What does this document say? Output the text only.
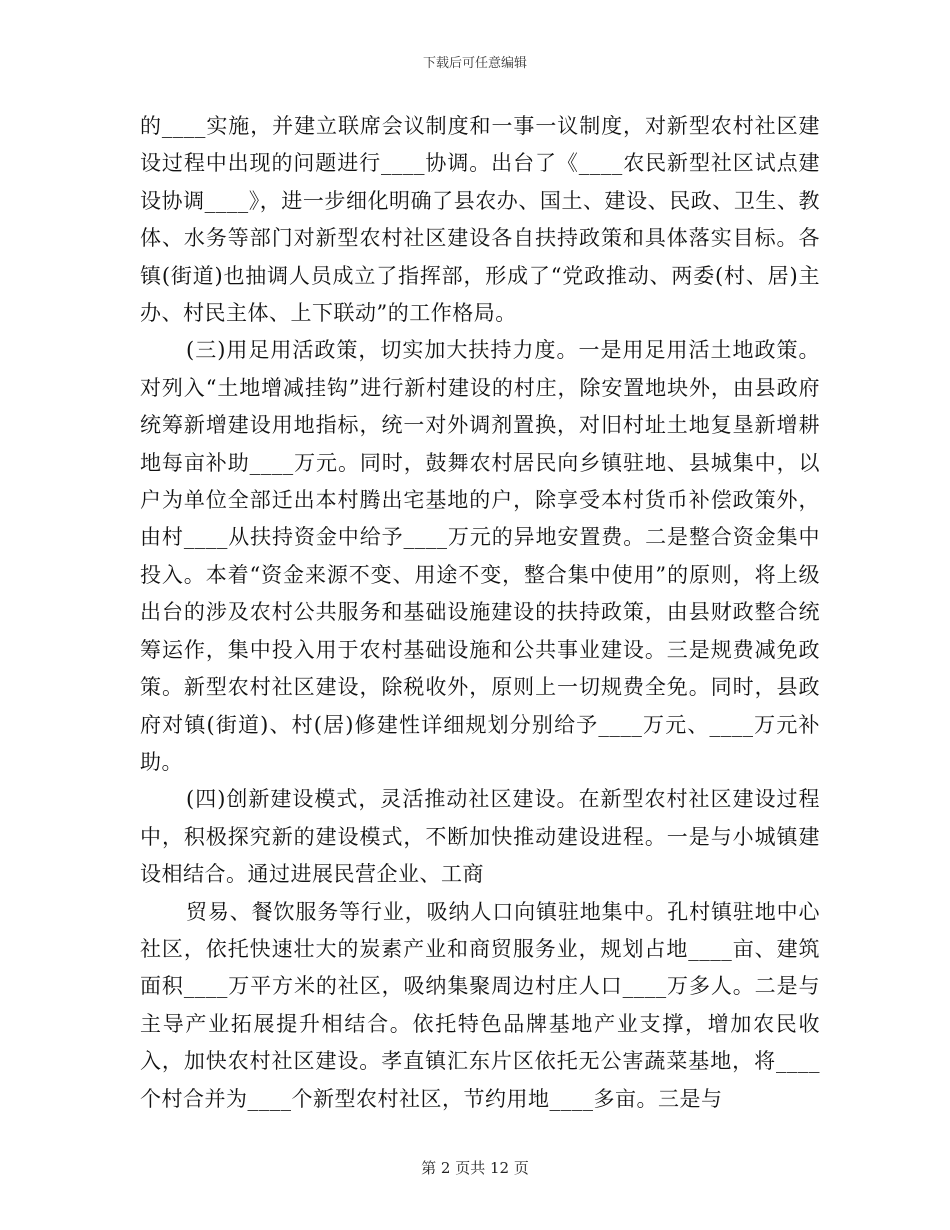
下载后可任意编辑

的____实施，并建立联席会议制度和一事一议制度，对新型农村社区建设过程中出现的问题进行____协调。出台了《____农民新型社区试点建设协调____》，进一步细化明确了县农办、国土、建设、民政、卫生、教体、水务等部门对新型农村社区建设各自扶持政策和具体落实目标。各镇(街道)也抽调人员成立了指挥部，形成了“党政推动、两委(村、居)主办、村民主体、上下联动”的工作格局。

(三)用足用活政策，切实加大扶持力度。一是用足用活土地政策。对列入“土地增减挂钩”进行新村建设的村庄，除安置地块外，由县政府统筹新增建设用地指标，统一对外调剂置换，对旧村址土地复垦新增耕地每亩补助____万元。同时，鼓舞农村居民向乡镇驻地、县城集中，以户为单位全部迁出本村腾出宅基地的户，除享受本村货币补偿政策外，由村____从扶持资金中给予____万元的异地安置费。二是整合资金集中投入。本着“资金来源不变、用途不变，整合集中使用”的原则，将上级出台的涉及农村公共服务和基础设施建设的扶持政策，由县财政整合统筹运作，集中投入用于农村基础设施和公共事业建设。三是规费减免政策。新型农村社区建设，除税收外，原则上一切规费全免。同时，县政府对镇(街道)、村(居)修建性详细规划分别给予____万元、____万元补助。

(四)创新建设模式，灵活推动社区建设。在新型农村社区建设过程中，积极探究新的建设模式，不断加快推动建设进程。一是与小城镇建设相结合。通过进展民营企业、工商

贸易、餐饮服务等行业，吸纳人口向镇驻地集中。孔村镇驻地中心社区，依托快速壮大的炭素产业和商贸服务业，规划占地____亩、建筑面积____万平方米的社区，吸纳集聚周边村庄人口____万多人。二是与主导产业拓展提升相结合。依托特色品牌基地产业支撑，增加农民收入，加快农村社区建设。孝直镇汇东片区依托无公害蔬菜基地，将____个村合并为____个新型农村社区，节约用地____多亩。三是与

第 2 页共 12 页
